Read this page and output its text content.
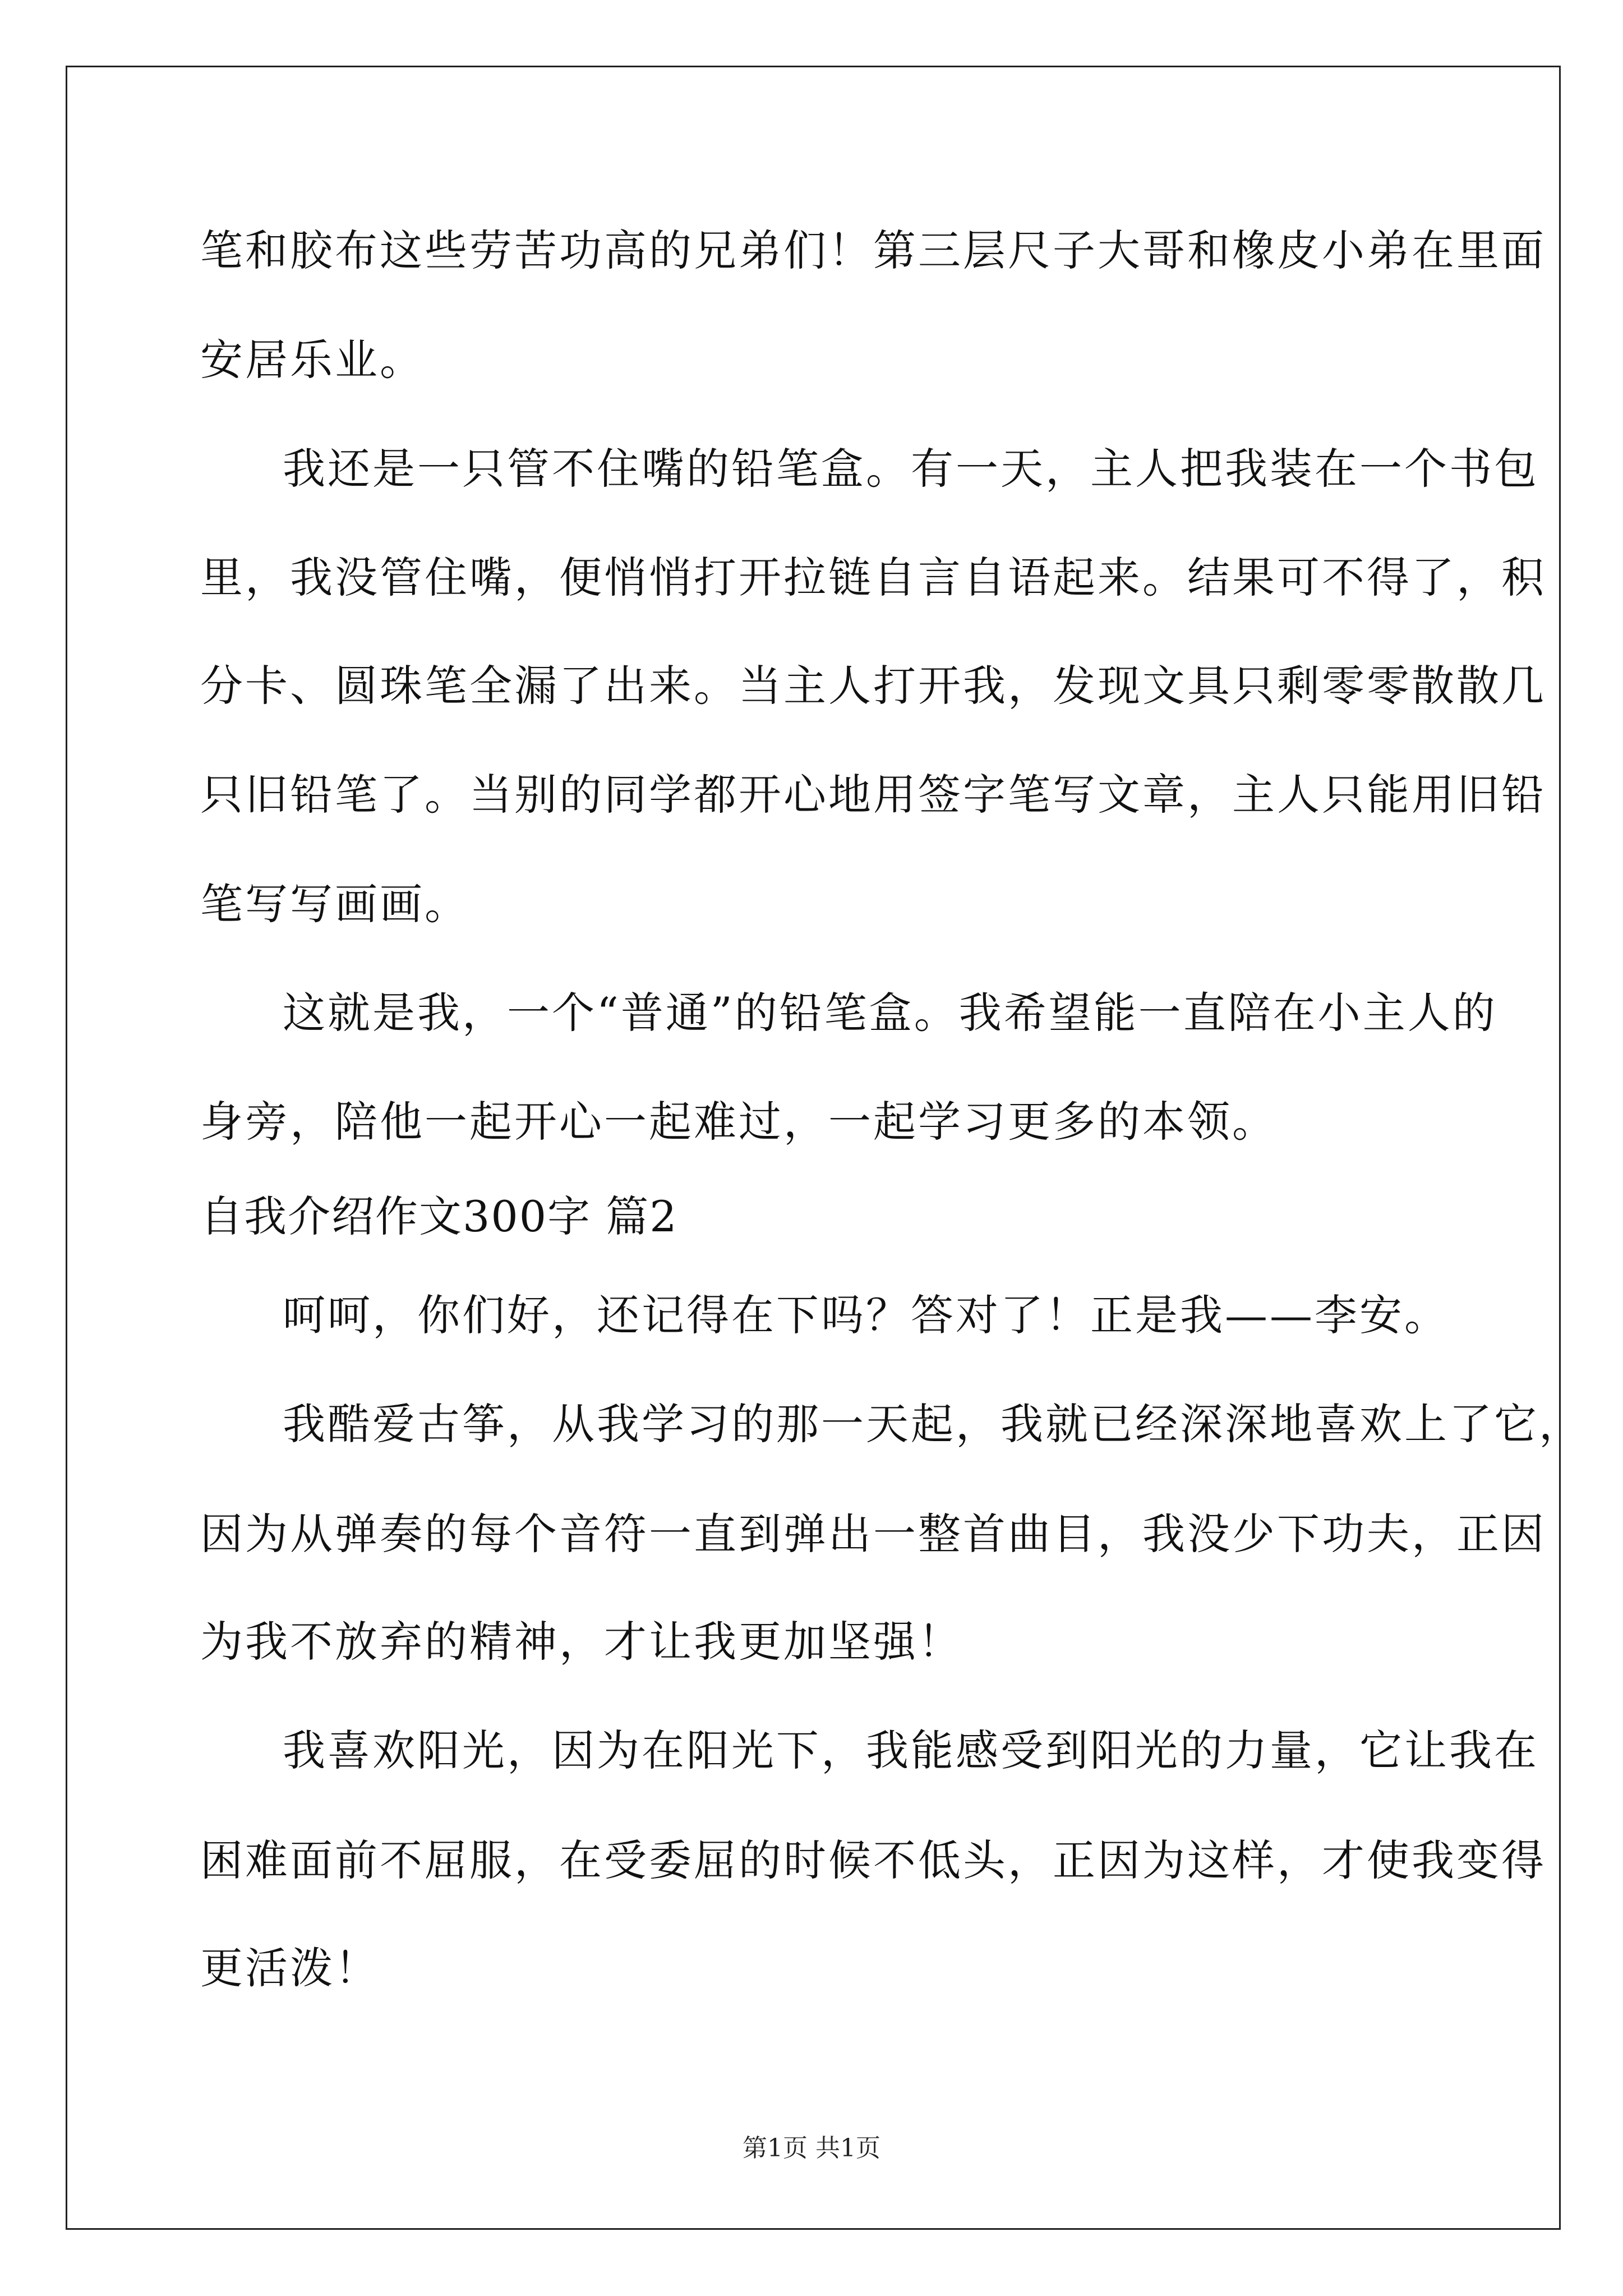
笔和胶布这些劳苦功高的兄弟们！第三层尺子大哥和橡皮小弟在里面
安居乐业。
我还是一只管不住嘴的铅笔盒。有一天，主人把我装在一个书包
里，我没管住嘴，便悄悄打开拉链自言自语起来。结果可不得了，积
分卡、圆珠笔全漏了出来。当主人打开我，发现文具只剩零零散散几
只旧铅笔了。当别的同学都开心地用签字笔写文章，主人只能用旧铅
笔写写画画。
这就是我，一个“普通”的铅笔盒。我希望能一直陪在小主人的
身旁，陪他一起开心一起难过，一起学习更多的本领。
自我介绍作文300字 篇2
呵呵，你们好，还记得在下吗？答对了！正是我——李安。
我酷爱古筝，从我学习的那一天起，我就已经深深地喜欢上了它，
因为从弹奏的每个音符一直到弹出一整首曲目，我没少下功夫，正因
为我不放弃的精神，才让我更加坚强！
我喜欢阳光，因为在阳光下，我能感受到阳光的力量，它让我在
困难面前不屈服，在受委屈的时候不低头，正因为这样，才使我变得
更活泼！
第1页 共1页
